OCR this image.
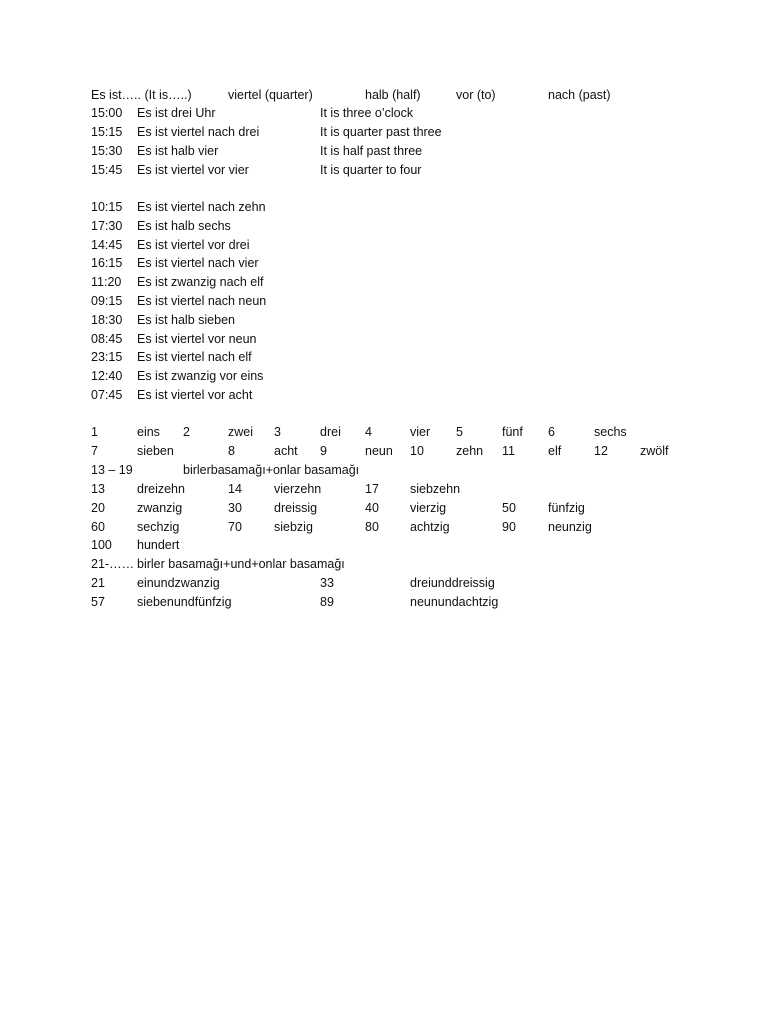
Es ist….. (It is…..)	viertel (quarter)	halb (half)	vor (to)	nach (past)
15:00 Es ist drei Uhr	It is three o’clock
15:15 Es ist viertel nach drei	It is quarter past three
15:30 Es ist halb vier	It is half past three
15:45 Es ist viertel vor vier	It is quarter to four
10:15 Es ist viertel nach zehn
17:30 Es ist halb sechs
14:45 Es ist viertel vor drei
16:15 Es ist viertel nach vier
11:20 Es ist zwanzig nach elf
09:15 Es ist viertel nach neun
18:30 Es ist halb sieben
08:45 Es ist viertel vor neun
23:15 Es ist viertel nach elf
12:40 Es ist zwanzig vor eins
07:45 Es ist viertel vor acht
1	eins 2	zwei 3	drei 4	vier 5	fünf 6	sechs
7	sieben	8	acht 9	neun 10	zehn 11	elf	12	zwölf
13 – 19	birlerbasamağı+onlar basamağı
13	dreizehn	14	vierzehn	17 siebzehn
20	zwanzig	30	dreissig	40 vierzig	50	fünfzig
60	sechzig	70	siebzig	80 achtzig	90	neunzig
100 hundert
21-…… birler basamağı+und+onlar basamağı
21	einundzwanzig	33	dreiunddreissig
57	siebenundfünfzig	89	neunundachtzig
